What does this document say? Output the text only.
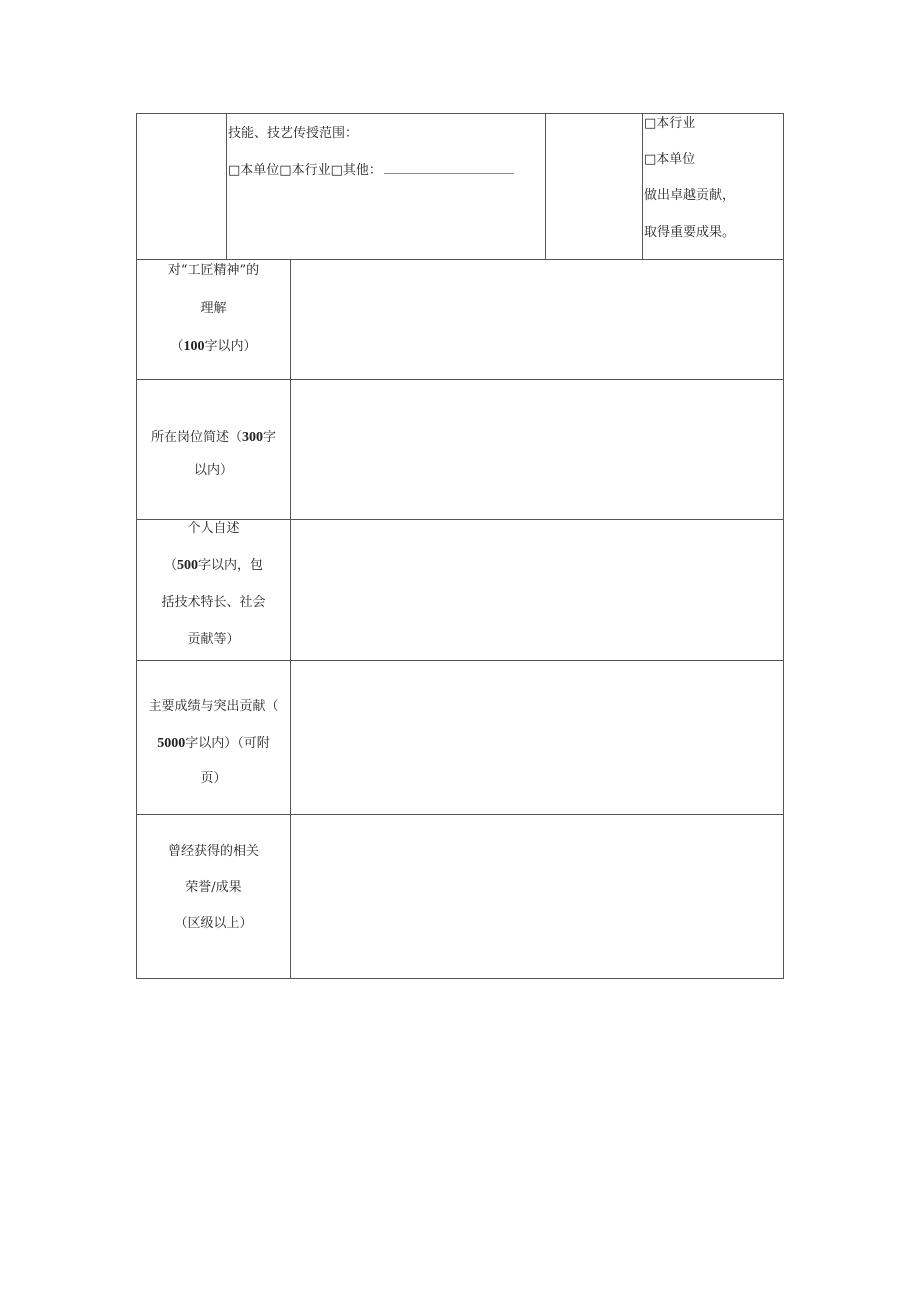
技能、技艺传授范围：
□本单位□本行业□其他：
□本行业
□本单位
做出卓越贡献，
取得重要成果。
对“工匠精神”的
理解
（100字以内）
所在岗位简述（300字
以内）
个人自述
（500字以内，包
括技术特长、社会
贡献等）
主要成绩与突出贡献（
5000字以内）（可附
页）
曾经获得的相关
荣誉/成果
（区级以上）
